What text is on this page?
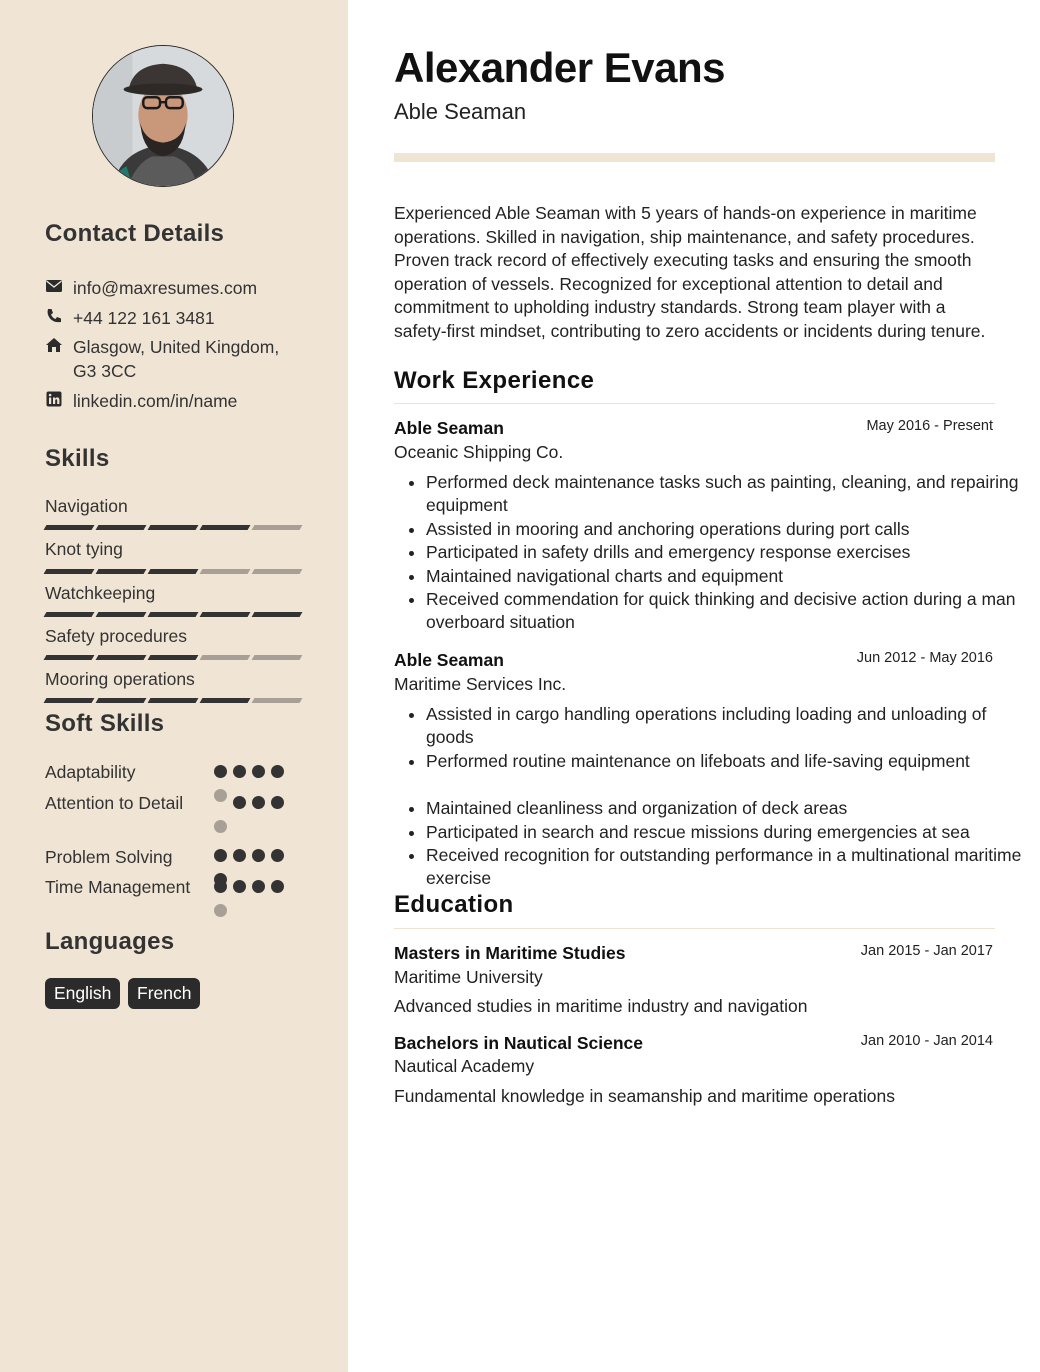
Contact Details
info@maxresumes.com
+44 122 161 3481
Glasgow, United Kingdom,
G3 3CC
linkedin.com/in/name
Skills
Navigation
Knot tying
Watchkeeping
Safety procedures
Mooring operations
Soft Skills
Adaptability
Attention to Detail
Problem Solving
Time Management
Languages
English	French
Alexander Evans
Able Seaman

Experienced Able Seaman with 5 years of hands-on experience in maritime operations. Skilled in navigation, ship maintenance, and safety procedures. Proven track record of effectively executing tasks and ensuring the smooth operation of vessels. Recognized for exceptional attention to detail and commitment to upholding industry standards. Strong team player with a safety-first mindset, contributing to zero accidents or incidents during tenure.

Work Experience
Able Seaman	May 2016 - Present
Oceanic Shipping Co.
• Performed deck maintenance tasks such as painting, cleaning, and repairing equipment
• Assisted in mooring and anchoring operations during port calls
• Participated in safety drills and emergency response exercises
• Maintained navigational charts and equipment
• Received commendation for quick thinking and decisive action during a man overboard situation
Able Seaman	Jun 2012 - May 2016
Maritime Services Inc.
• Assisted in cargo handling operations including loading and unloading of goods
• Performed routine maintenance on lifeboats and life-saving equipment
• Maintained cleanliness and organization of deck areas
• Participated in search and rescue missions during emergencies at sea
• Received recognition for outstanding performance in a multinational maritime exercise
Education
Masters in Maritime Studies	Jan 2015 - Jan 2017
Maritime University
Advanced studies in maritime industry and navigation
Bachelors in Nautical Science	Jan 2010 - Jan 2014
Nautical Academy
Fundamental knowledge in seamanship and maritime operations
